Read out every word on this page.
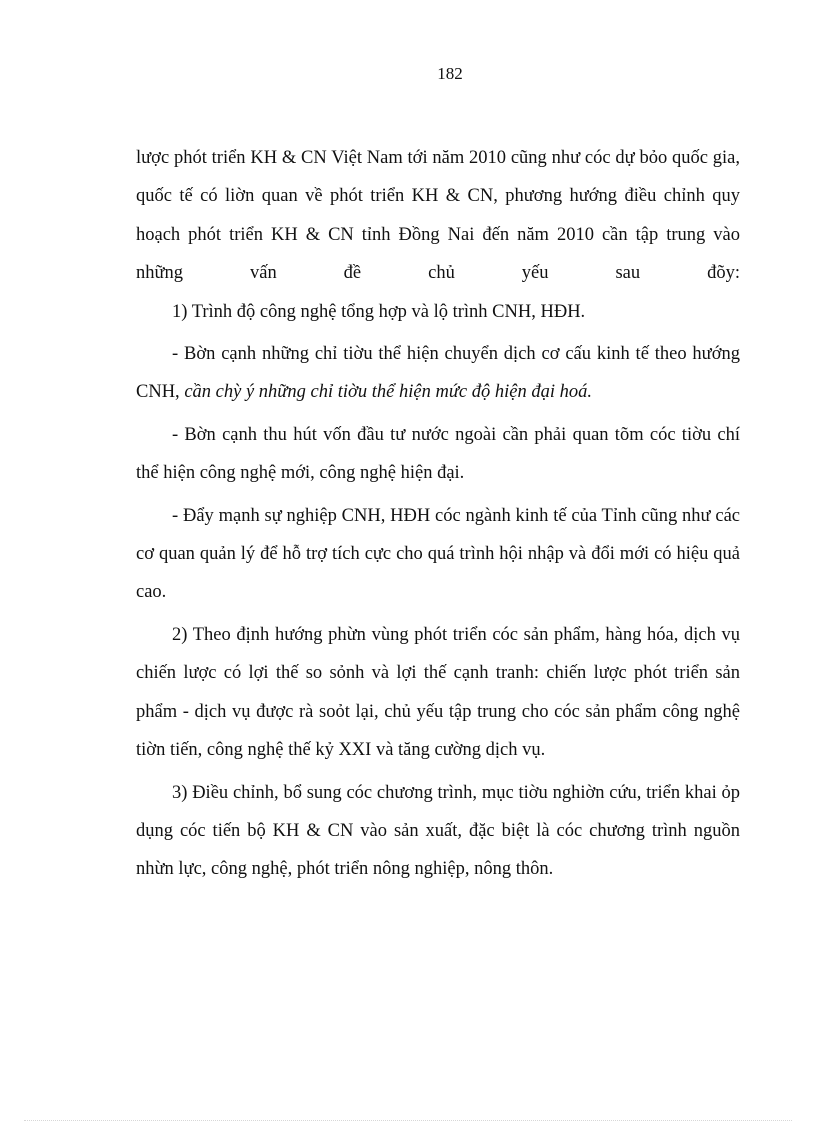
182

lược phót triển KH & CN Việt Nam tới năm 2010 cũng như cóc dự bỏo quốc gia, quốc tế có liờn quan về phót triển KH & CN, phương hướng điều chỉnh quy hoạch phót triển KH & CN tỉnh Đồng Nai đến năm 2010 cần tập trung vào những vấn đề chủ yếu sau đõy:

1) Trình độ công nghệ tổng hợp và lộ trình CNH, HĐH.

- Bờn cạnh những chỉ tiờu thể hiện chuyển dịch cơ cấu kinh tế theo hướng CNH, cần chỳ ý những chỉ tiờu thể hiện mức độ hiện đại hoá.

- Bờn cạnh thu hút vốn đầu tư nước ngoài cần phải quan tõm cóc tiờu chí thể hiện công nghệ mới, công nghệ hiện đại.

- Đẩy mạnh sự nghiệp CNH, HĐH cóc ngành kinh tế của Tỉnh cũng như các cơ quan quản lý để hỗ trợ tích cực cho quá trình hội nhập và đổi mới có hiệu quả cao.

2) Theo định hướng phừn vùng phót triển cóc sản phẩm, hàng hóa, dịch vụ chiến lược có lợi thế so sỏnh và lợi thế cạnh tranh: chiến lược phót triển sản phẩm - dịch vụ được rà soỏt lại, chủ yếu tập trung cho cóc sản phẩm công nghệ tiờn tiến, công nghệ thế kỷ XXI và tăng cường dịch vụ.

3) Điều chỉnh, bổ sung cóc chương trình, mục tiờu nghiờn cứu, triển khai ỏp dụng cóc tiến bộ KH & CN vào sản xuất, đặc biệt là cóc chương trình nguồn nhừn lực, công nghệ, phót triển nông nghiệp, nông thôn.
